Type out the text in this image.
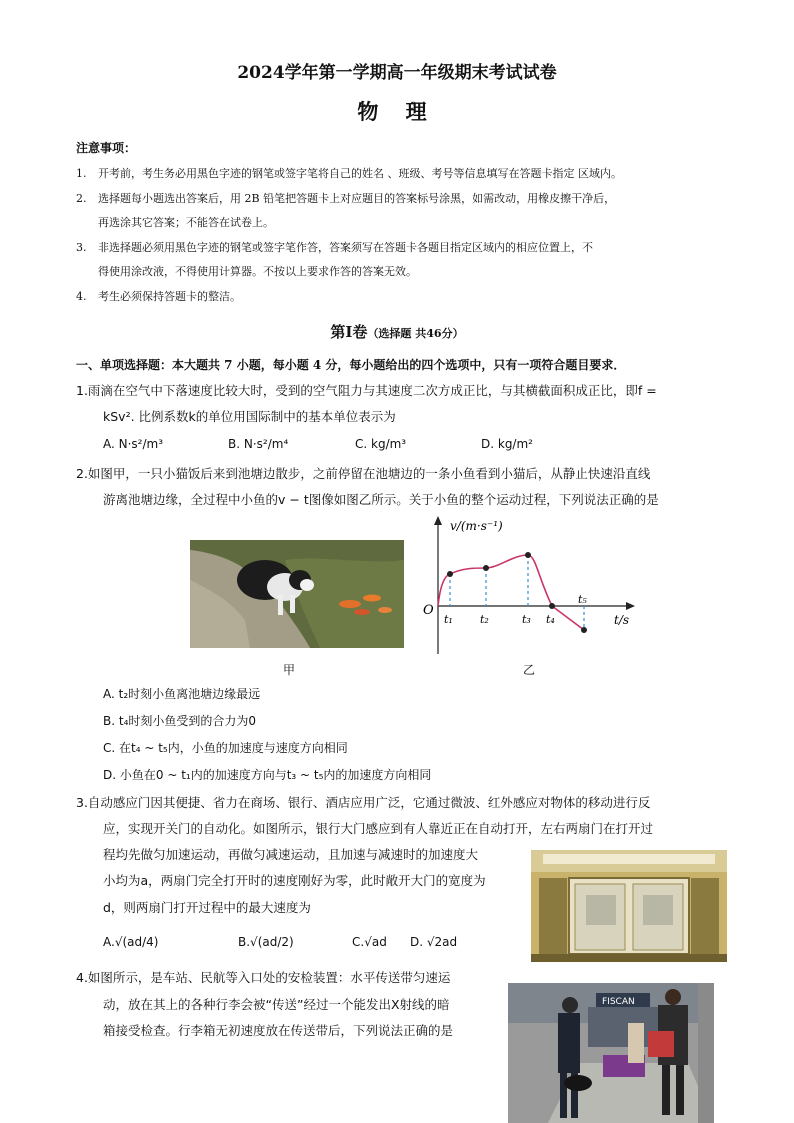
2024学年第一学期高一年级期末考试试卷
物 理
注意事项：
1. 开考前，考生务必用黑色字迹的钢笔或签字笔将自己的姓名 、班级、考号等信息填写在答题卡指定 区域内。
2. 选择题每小题选出答案后，用 2B 铅笔把答题卡上对应题目的答案标号涂黑，如需改动，用橡皮擦干净后，
再选涂其它答案；不能答在试卷上。
3. 非选择题必须用黑色字迹的钢笔或签字笔作答，答案须写在答题卡各题目指定区域内的相应位置上，不
得使用涂改液，不得使用计算器。不按以上要求作答的答案无效。
4. 考生必须保持答题卡的整洁。
第Ⅰ卷（选择题 共46分）
一、单项选择题：本大题共 7 小题，每小题 4 分，每小题给出的四个选项中，只有一项符合题目要求．
1.雨滴在空气中下落速度比较大时，受到的空气阻力与其速度二次方成正比，与其横截面积成正比，即f =
kSv². 比例系数k的单位用国际制中的基本单位表示为
A. N·s²/m³	B. N·s²/m⁴	C. kg/m³	D. kg/m²
2.如图甲，一只小猫饭后来到池塘边散步，之前停留在池塘边的一条小鱼看到小猫后，从静止快速沿直线
游离池塘边缘，全过程中小鱼的v − t图像如图乙所示。关于小鱼的整个运动过程，下列说法正确的是
v/(m·s⁻¹)
t/s
O
t₁ t₂	t₃ t₄
t₅
甲	乙
A. t₂时刻小鱼离池塘边缘最远
B. t₄时刻小鱼受到的合力为0
C. 在t₄ ~ t₅内，小鱼的加速度与速度方向相同
D. 小鱼在0 ~ t₁内的加速度方向与t₃ ~ t₅内的加速度方向相同
3.自动感应门因其便捷、省力在商场、银行、酒店应用广泛，它通过微波、红外感应对物体的移动进行反
应，实现开关门的自动化。如图所示，银行大门感应到有人靠近正在自动打开，左右两扇门在打开过
程均先做匀加速运动，再做匀减速运动，且加速与减速时的加速度大
小均为a，两扇门完全打开时的速度刚好为零，此时敞开大门的宽度为
d，则两扇门打开过程中的最大速度为
A.√(ad/4)	B.√(ad/2)	C.√ad D. √2ad
4.如图所示，是车站、民航等入口处的安检装置：水平传送带匀速运
动，放在其上的各种行李会被“传送”经过一个能发出X射线的暗
箱接受检查。行李箱无初速度放在传送带后，下列说法正确的是
FISCAN
